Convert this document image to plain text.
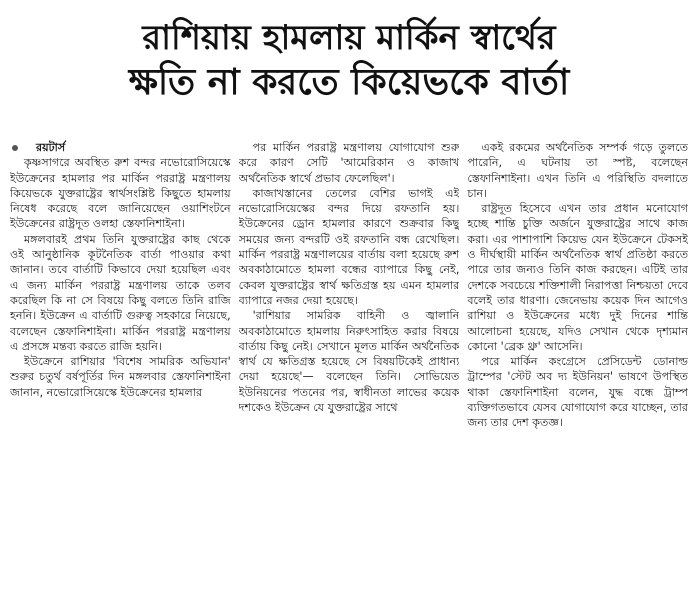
রাশিয়ায় হামলায় মার্কিন স্বার্থের
ক্ষতি না করতে কিয়েভকে বার্তা

রয়টার্স

কৃষ্ণসাগরে অবস্থিত রুশ বন্দর নভোরোসিয়েস্কে ইউক্রেনের হামলার পর মার্কিন পররাষ্ট্র মন্ত্রণালয় কিয়েভকে যুক্তরাষ্ট্রের স্বার্থসংশ্লিষ্ট কিছুতে হামলায় নিষেধ করেছে বলে জানিয়েছেন ওয়াশিংটনে ইউক্রেনের রাষ্ট্রদূত ওলহা স্তেফানিশাইনা।

মঙ্গলবারই প্রথম তিনি যুক্তরাষ্ট্রের কাছ থেকে ওই আনুষ্ঠানিক কূটনৈতিক বার্তা পাওয়ার কথা জানান। তবে বার্তাটি কিভাবে দেয়া হয়েছিল এবং এ জন্য মার্কিন পররাষ্ট্র মন্ত্রণালয় তাকে তলব করেছিল কি না সে বিষয়ে কিছু বলতে তিনি রাজি হননি। ইউক্রেন এ বার্তাটি গুরুত্ব সহকারে নিয়েছে, বলেছেন স্তেফানিশাইনা। মার্কিন পররাষ্ট্র মন্ত্রণালয় এ প্রসঙ্গে মন্তব্য করতে রাজি হয়নি।

ইউক্রেনে রাশিয়ার 'বিশেষ সামরিক অভিযান' শুরুর চতুর্থ বর্ষপূর্তির দিন মঙ্গলবার স্তেফানিশাইনা জানান, নভোরোসিয়েস্কে ইউক্রেনের হামলার

পর মার্কিন পররাষ্ট্র মন্ত্রণালয় যোগাযোগ শুরু করে কারণ সেটি 'আমেরিকান ও কাজাখ অর্থনৈতিক স্বার্থে প্রভাব ফেলেছিল'।

কাজাখস্তানের তেলের বেশির ভাগই এই নভোরোসিয়েস্কের বন্দর দিয়ে রফতানি হয়। ইউক্রেনের ড্রোন হামলার কারণে শুক্রবার কিছু সময়ের জন্য বন্দরটি ওই রফতানি বন্ধ রেখেছিল। মার্কিন পররাষ্ট্র মন্ত্রণালয়ের বার্তায় বলা হয়েছে রুশ অবকাঠামোতে হামলা বন্ধের ব্যাপারে কিছু নেই, কেবল যুক্তরাষ্ট্রের স্বার্থ ক্ষতিগ্রস্ত হয় এমন হামলার ব্যাপারে নজর দেয়া হয়েছে।

'রাশিয়ার সামরিক বাহিনী ও জ্বালানি অবকাঠামোতে হামলায় নিরুৎসাহিত করার বিষয়ে বার্তায় কিছু নেই। সেখানে মূলত মার্কিন অর্থনৈতিক স্বার্থ যে ক্ষতিগ্রস্ত হয়েছে সে বিষয়টিকেই প্রাধান্য দেয়া হয়েছে'— বলেছেন তিনি। সোভিয়েত ইউনিয়নের পতনের পর, স্বাধীনতা লাভের কয়েক দশকেও ইউক্রেন যে যুক্তরাষ্ট্রের সাথে

একই রকমের অর্থনৈতিক সম্পর্ক গড়ে তুলতে পারেনি, এ ঘটনায় তা স্পষ্ট, বলেছেন স্তেফানিশাইনা। এখন তিনি এ পরিস্থিতি বদলাতে চান।

রাষ্ট্রদূত হিসেবে এখন তার প্রধান মনোযোগ হচ্ছে শান্তি চুক্তি অর্জনে যুক্তরাষ্ট্রের সাথে কাজ করা। এর পাশাপাশি কিয়েভ যেন ইউক্রেনে টেকসই ও দীর্ঘস্থায়ী মার্কিন অর্থনৈতিক স্বার্থ প্রতিষ্ঠা করতে পারে তার জন্যও তিনি কাজ করছেন। এটিই তার দেশকে সবচেয়ে শক্তিশালী নিরাপত্তা নিশ্চয়তা দেবে বলেই তার ধারণা। জেনেভায় কয়েক দিন আগেও রাশিয়া ও ইউক্রেনের মধ্যে দুই দিনের শান্তি আলোচনা হয়েছে, যদিও সেখান থেকে দৃশ্যমান কোনো 'ব্রেক থ্রু' আসেনি।

পরে মার্কিন কংগ্রেসে প্রেসিডেন্ট ডোনাল্ড ট্রাম্পের 'স্টেট অব দ্য ইউনিয়ন' ভাষণে উপস্থিত থাকা স্তেফানিশাইনা বলেন, যুদ্ধ বন্ধে ট্রাম্প ব্যক্তিগতভাবে যেসব যোগাযোগ করে যাচ্ছেন, তার জন্য তার দেশ কৃতজ্ঞ।
